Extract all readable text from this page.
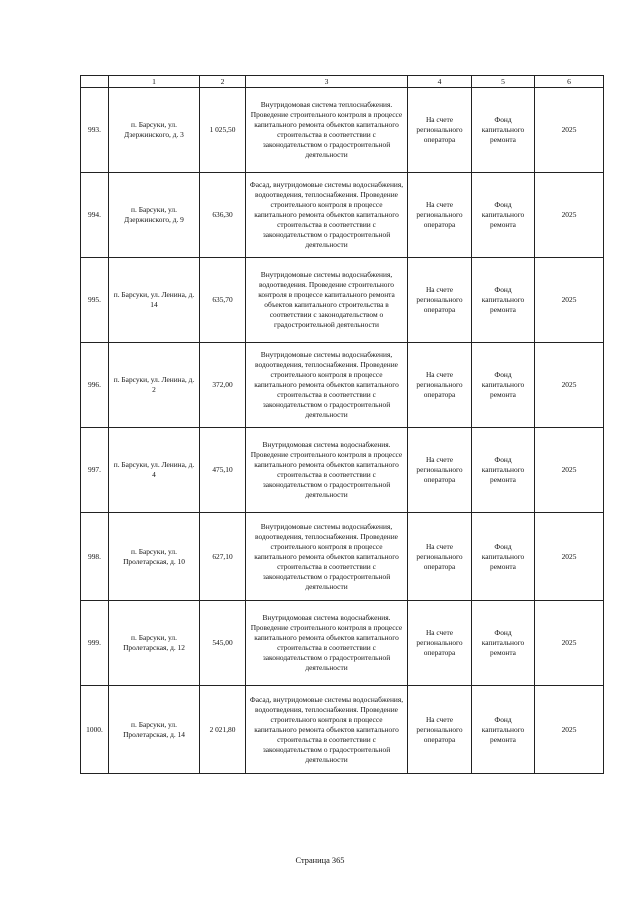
	1	2	3	4	5	6
993.	п. Барсуки, ул. Дзержинского, д. 3	1 025,50	Внутридомовая система теплоснабжения. Проведение строительного контроля в процессе капитального ремонта объектов капитального строительства в соответствии с законодательством о градостроительной деятельности	На счете регионального оператора	Фонд капитального ремонта	2025
994.	п. Барсуки, ул. Дзержинского, д. 9	636,30	Фасад, внутридомовые системы водоснабжения, водоотведения, теплоснабжения. Проведение строительного контроля в процессе капитального ремонта объектов капитального строительства в соответствии с законодательством о градостроительной деятельности	На счете регионального оператора	Фонд капитального ремонта	2025
995.	п. Барсуки, ул. Ленина, д. 14	635,70	Внутридомовые системы водоснабжения, водоотведения. Проведение строительного контроля в процессе капитального ремонта объектов капитального строительства в соответствии с законодательством о градостроительной деятельности	На счете регионального оператора	Фонд капитального ремонта	2025
996.	п. Барсуки, ул. Ленина, д. 2	372,00	Внутридомовые системы водоснабжения, водоотведения, теплоснабжения. Проведение строительного контроля в процессе капитального ремонта объектов капитального строительства в соответствии с законодательством о градостроительной деятельности	На счете регионального оператора	Фонд капитального ремонта	2025
997.	п. Барсуки, ул. Ленина, д. 4	475,10	Внутридомовая система водоснабжения. Проведение строительного контроля в процессе капитального ремонта объектов капитального строительства в соответствии с законодательством о градостроительной деятельности	На счете регионального оператора	Фонд капитального ремонта	2025
998.	п. Барсуки, ул. Пролетарская, д. 10	627,10	Внутридомовые системы водоснабжения, водоотведения, теплоснабжения. Проведение строительного контроля в процессе капитального ремонта объектов капитального строительства в соответствии с законодательством о градостроительной деятельности	На счете регионального оператора	Фонд капитального ремонта	2025
999.	п. Барсуки, ул. Пролетарская, д. 12	545,00	Внутридомовая система водоснабжения. Проведение строительного контроля в процессе капитального ремонта объектов капитального строительства в соответствии с законодательством о градостроительной деятельности	На счете регионального оператора	Фонд капитального ремонта	2025
1000.	п. Барсуки, ул. Пролетарская, д. 14	2 021,80	Фасад, внутридомовые системы водоснабжения, водоотведения, теплоснабжения. Проведение строительного контроля в процессе капитального ремонта объектов капитального строительства в соответствии с законодательством о градостроительной деятельности	На счете регионального оператора	Фонд капитального ремонта	2025
Страница 365
